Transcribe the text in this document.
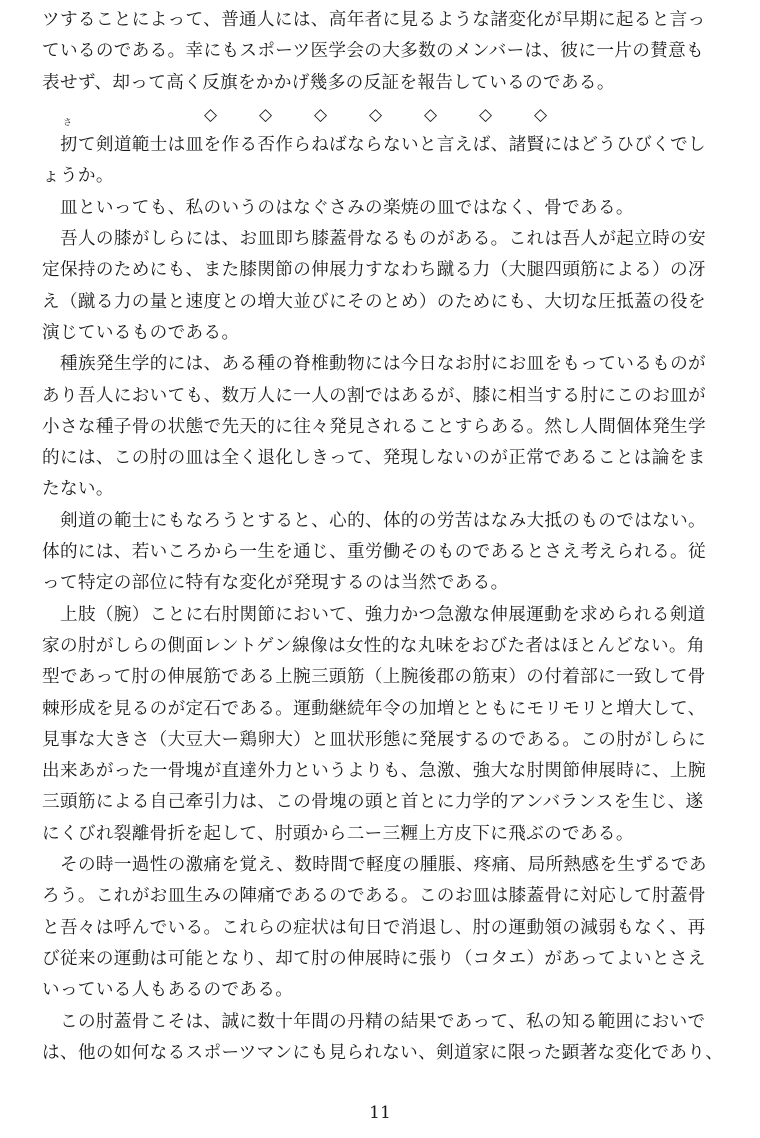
ツすることによって、普通人には、高年者に見るような諸変化が早期に起ると言っ
ているのである。幸にもスポーツ医学会の大多数のメンバーは、彼に一片の賛意も
表せず、却って高く反旗をかかげ幾多の反証を報告しているのである。
◇ ◇ ◇ ◇ ◇ ◇ ◇
さ
扨て剣道範士は皿を作る否作らねばならないと言えば、諸賢にはどうひびくでし
ょうか。
皿といっても、私のいうのはなぐさみの楽焼の皿ではなく、骨である。
吾人の膝がしらには、お皿即ち膝蓋骨なるものがある。これは吾人が起立時の安
定保持のためにも、また膝関節の伸展力すなわち蹴る力（大腿四頭筋による）の冴
え（蹴る力の量と速度との増大並びにそのとめ）のためにも、大切な圧抵蓋の役を
演じているものである。
種族発生学的には、ある種の脊椎動物には今日なお肘にお皿をもっているものが
あり吾人においても、数万人に一人の割ではあるが、膝に相当する肘にこのお皿が
小さな種子骨の状態で先天的に往々発見されることすらある。然し人間個体発生学
的には、この肘の皿は全く退化しきって、発現しないのが正常であることは論をま
たない。
剣道の範士にもなろうとすると、心的、体的の労苦はなみ大抵のものではない。
体的には、若いころから一生を通じ、重労働そのものであるとさえ考えられる。従
って特定の部位に特有な変化が発現するのは当然である。
上肢（腕）ことに右肘関節において、強力かつ急激な伸展運動を求められる剣道
家の肘がしらの側面レントゲン線像は女性的な丸味をおびた者はほとんどない。角
型であって肘の伸展筋である上腕三頭筋（上腕後郡の筋束）の付着部に一致して骨
棘形成を見るのが定石である。運動継続年令の加増とともにモリモリと増大して、
見事な大きさ（大豆大ー鶏卵大）と皿状形態に発展するのである。この肘がしらに
出来あがった一骨塊が直達外力というよりも、急激、強大な肘関節伸展時に、上腕
三頭筋による自己牽引力は、この骨塊の頭と首とに力学的アンバランスを生じ、遂
にくびれ裂離骨折を起して、肘頭から二ー三糎上方皮下に飛ぶのである。
その時一過性の激痛を覚え、数時間で軽度の腫脹、疼痛、局所熱感を生ずるであ
ろう。これがお皿生みの陣痛であるのである。このお皿は膝蓋骨に対応して肘蓋骨
と吾々は呼んでいる。これらの症状は旬日で消退し、肘の運動領の減弱もなく、再
び従来の運動は可能となり、却て肘の伸展時に張り（コタエ）があってよいとさえ
いっている人もあるのである。
この肘蓋骨こそは、誠に数十年間の丹精の結果であって、私の知る範囲においで
は、他の如何なるスポーツマンにも見られない、剣道家に限った顕著な変化であり、
11
